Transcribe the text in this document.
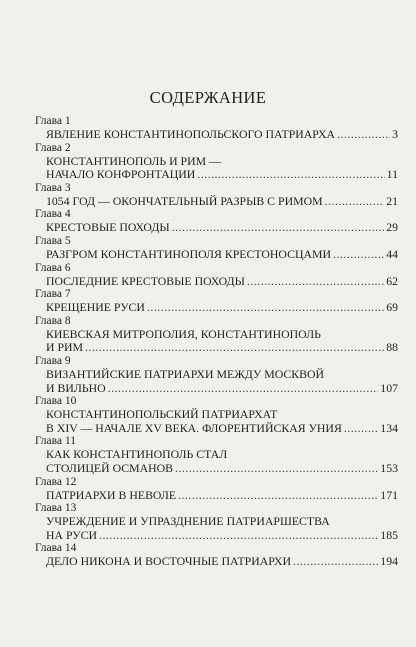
СОДЕРЖАНИЕ
Глава 1
ЯВЛЕНИЕ КОНСТАНТИНОПОЛЬСКОГО ПАТРИАРХА .....	3
Глава 2
КОНСТАНТИНОПОЛЬ И РИМ —
НАЧАЛО КОНФРОНТАЦИИ .....	11
Глава 3
1054 ГОД — ОКОНЧАТЕЛЬНЫЙ РАЗРЫВ С РИМОМ .....	21
Глава 4
КРЕСТОВЫЕ ПОХОДЫ .....	29
Глава 5
РАЗГРОМ КОНСТАНТИНОПОЛЯ КРЕСТОНОСЦАМИ .....	44
Глава 6
ПОСЛЕДНИЕ КРЕСТОВЫЕ ПОХОДЫ .....	62
Глава 7
КРЕЩЕНИЕ РУСИ .....	69
Глава 8
КИЕВСКАЯ МИТРОПОЛИЯ, КОНСТАНТИНОПОЛЬ
И РИМ .....	88
Глава 9
ВИЗАНТИЙСКИЕ ПАТРИАРХИ МЕЖДУ МОСКВОЙ
И ВИЛЬНО .....	107
Глава 10
КОНСТАНТИНОПОЛЬСКИЙ ПАТРИАРХАТ
В XIV — НАЧАЛЕ XV ВЕКА. ФЛОРЕНТИЙСКАЯ УНИЯ .....	134
Глава 11
КАК КОНСТАНТИНОПОЛЬ СТАЛ
СТОЛИЦЕЙ ОСМАНОВ .....	153
Глава 12
ПАТРИАРХИ В НЕВОЛЕ .....	171
Глава 13
УЧРЕЖДЕНИЕ И УПРАЗДНЕНИЕ ПАТРИАРШЕСТВА
НА РУСИ .....	185
Глава 14
ДЕЛО НИКОНА И ВОСТОЧНЫЕ ПАТРИАРХИ .....	194
